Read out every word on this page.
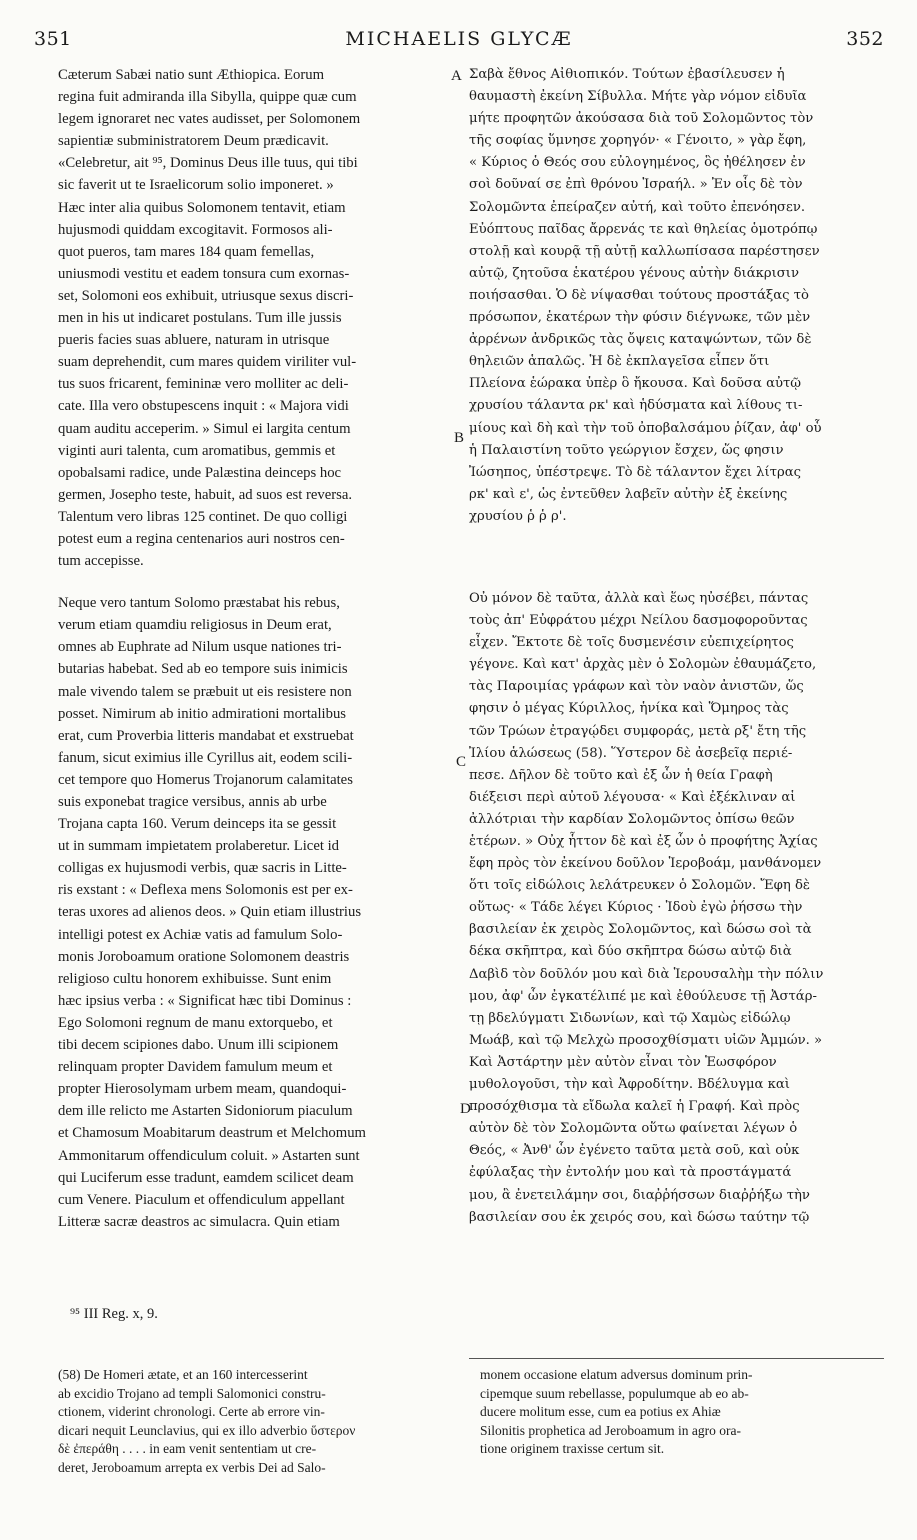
351	MICHAELIS GLYCÆ	352
A
B
C
D
Cæterum Sabæi natio sunt Æthiopica. Eorum
regina fuit admiranda illa Sibylla, quippe quæ cum
legem ignoraret nec vates audisset, per Solomonem
sapientiæ subministratorem Deum prædicavit.
«Celebretur, ait ⁹⁵, Dominus Deus ille tuus, qui tibi
sic faverit ut te Israelicorum solio imponeret. »
Hæc inter alia quibus Solomonem tentavit, etiam
hujusmodi quiddam excogitavit. Formosos ali-
quot pueros, tam mares 184 quam femellas,
uniusmodi vestitu et eadem tonsura cum exornas-
set, Solomoni eos exhibuit, utriusque sexus discri-
men in his ut indicaret postulans. Tum ille jussis
pueris facies suas abluere, naturam in utrisque
suam deprehendit, cum mares quidem viriliter vul-
tus suos fricarent, femininæ vero molliter ac deli-
cate. Illa vero obstupescens inquit : « Majora vidi
quam auditu acceperim. » Simul ei largita centum
viginti auri talenta, cum aromatibus, gemmis et
opobalsami radice, unde Palæstina deinceps hoc
germen, Josepho teste, habuit, ad suos est reversa.
Talentum vero libras 125 continet. De quo colligi
potest eum a regina centenarios auri nostros cen-
tum accepisse.
Neque vero tantum Solomo præstabat his rebus,
verum etiam quamdiu religiosus in Deum erat,
omnes ab Euphrate ad Nilum usque nationes tri-
butarias habebat. Sed ab eo tempore suis inimicis
male vivendo talem se præbuit ut eis resistere non
posset. Nimirum ab initio admirationi mortalibus
erat, cum Proverbia litteris mandabat et exstruebat
fanum, sicut eximius ille Cyrillus ait, eodem scili-
cet tempore quo Homerus Trojanorum calamitates
suis exponebat tragice versibus, annis ab urbe
Trojana capta 160. Verum deinceps ita se gessit
ut in summam impietatem prolaberetur. Licet id
colligas ex hujusmodi verbis, quæ sacris in Litte-
ris exstant : « Deflexa mens Solomonis est per ex-
teras uxores ad alienos deos. » Quin etiam illustrius
intelligi potest ex Achiæ vatis ad famulum Solo-
monis Joroboamum oratione Solomonem deastris
religioso cultu honorem exhibuisse. Sunt enim
hæc ipsius verba : « Significat hæc tibi Dominus :
Ego Solomoni regnum de manu extorquebo, et
tibi decem scipiones dabo. Unum illi scipionem
relinquam propter Davidem famulum meum et
propter Hierosolymam urbem meam, quandoqui-
dem ille relicto me Astarten Sidoniorum piaculum
et Chamosum Moabitarum deastrum et Melchomum
Ammonitarum offendiculum coluit. » Astarten sunt
qui Luciferum esse tradunt, eamdem scilicet deam
cum Venere. Piaculum et offendiculum appellant
Litteræ sacræ deastros ac simulacra. Quin etiam
Σαβὰ ἔθνος Αἰθιοπικόν. Τούτων ἐβασίλευσεν ἡ
θαυμαστὴ ἐκείνη Σίβυλλα. Μήτε γὰρ νόμον εἰδυῖα
μήτε προφητῶν ἀκούσασα διὰ τοῦ Σολομῶντος τὸν
τῆς σοφίας ὕμνησε χορηγόν· « Γένοιτο, » γὰρ ἔφη,
« Κύριος ὁ Θεός σου εὐλογημένος, ὃς ἠθέλησεν ἐν
σοὶ δοῦναί σε ἐπὶ θρόνου Ἰσραήλ. » Ἐν οἷς δὲ τὸν
Σολομῶντα ἐπείραζεν αὐτή, καὶ τοῦτο ἐπενόησεν.
Εὐόπτους παῖδας ἄρρενάς τε καὶ θηλείας ὁμοτρόπῳ
στολῇ καὶ κουρᾷ τῇ αὐτῇ καλλωπίσασα παρέστησεν
αὐτῷ, ζητοῦσα ἑκατέρου γένους αὐτὴν διάκρισιν
ποιήσασθαι. Ὁ δὲ νίψασθαι τούτους προστάξας τὸ
πρόσωπον, ἑκατέρων τὴν φύσιν διέγνωκε, τῶν μὲν
ἀρρένων ἀνδρικῶς τὰς ὄψεις καταψώντων, τῶν δὲ
θηλειῶν ἁπαλῶς. Ἡ δὲ ἐκπλαγεῖσα εἶπεν ὅτι
Πλείονα ἑώρακα ὑπὲρ ὃ ἤκουσα. Καὶ δοῦσα αὐτῷ
χρυσίου τάλαντα ρκ' καὶ ἡδύσματα καὶ λίθους τι-
μίους καὶ δὴ καὶ τὴν τοῦ ὀποβαλσάμου ῥίζαν, ἀφ' οὗ
ἡ Παλαιστίνη τοῦτο γεώργιον ἔσχεν, ὥς φησιν
Ἰώσηπος, ὑπέστρεψε. Τὸ δὲ τάλαντον ἔχει λίτρας
ρκ' καὶ ε', ὡς ἐντεῦθεν λαβεῖν αὐτὴν ἐξ ἐκείνης
χρυσίου ῥ ῥ ρ'.
Οὐ μόνον δὲ ταῦτα, ἀλλὰ καὶ ἕως ηὐσέβει, πάντας
τοὺς ἀπ' Εὐφράτου μέχρι Νείλου δασμοφοροῦντας
εἶχεν. Ἔκτοτε δὲ τοῖς δυσμενέσιν εὐεπιχείρητος
γέγονε. Καὶ κατ' ἀρχὰς μὲν ὁ Σολομὼν ἐθαυμάζετο,
τὰς Παροιμίας γράφων καὶ τὸν ναὸν ἀνιστῶν, ὥς
φησιν ὁ μέγας Κύριλλος, ἡνίκα καὶ Ὅμηρος τὰς
τῶν Τρώων ἐτραγῴδει συμφοράς, μετὰ ρξ' ἔτη τῆς
Ἰλίου ἁλώσεως (58). Ὕστερον δὲ ἀσεβεῖᾳ περιέ-
πεσε. Δῆλον δὲ τοῦτο καὶ ἐξ ὧν ἡ θεία Γραφὴ
διέξεισι περὶ αὐτοῦ λέγουσα· « Καὶ ἐξέκλιναν αἱ
ἀλλότριαι τὴν καρδίαν Σολομῶντος ὀπίσω θεῶν
ἑτέρων. » Οὐχ ἧττον δὲ καὶ ἐξ ὧν ὁ προφήτης Ἀχίας
ἔφη πρὸς τὸν ἐκείνου δοῦλον Ἱεροβοάμ, μανθάνομεν
ὅτι τοῖς εἰδώλοις λελάτρευκεν ὁ Σολομῶν. Ἔφη δὲ
οὕτως· « Τάδε λέγει Κύριος · Ἰδοὺ ἐγὼ ῥήσσω τὴν
βασιλείαν ἐκ χειρὸς Σολομῶντος, καὶ δώσω σοὶ τὰ
δέκα σκῆπτρα, καὶ δύο σκῆπτρα δώσω αὐτῷ διὰ
Δαβὶδ τὸν δοῦλόν μου καὶ διὰ Ἱερουσαλὴμ τὴν πόλιν
μου, ἀφ' ὧν ἐγκατέλιπέ με καὶ ἐθούλευσε τῇ Ἀστάρ-
τῃ βδελύγματι Σιδωνίων, καὶ τῷ Χαμὼς εἰδώλῳ
Μωάβ, καὶ τῷ Μελχὼ προσοχθίσματι υἱῶν Ἀμμών. »
Καὶ Ἀστάρτην μὲν αὐτὸν εἶναι τὸν Ἑωσφόρον
μυθολογοῦσι, τὴν καὶ Ἀφροδίτην. Βδέλυγμα καὶ
προσόχθισμα τὰ εἴδωλα καλεῖ ἡ Γραφή. Καὶ πρὸς
αὐτὸν δὲ τὸν Σολομῶντα οὕτω φαίνεται λέγων ὁ
Θεός, « Ἀνθ' ὧν ἐγένετο ταῦτα μετὰ σοῦ, καὶ οὐκ
ἐφύλαξας τὴν ἐντολήν μου καὶ τὰ προστάγματά
μου, ἃ ἐνετειλάμην σοι, διαῤῥήσσων διαῤῥήξω τὴν
βασιλείαν σου ἐκ χειρός σου, καὶ δώσω ταύτην τῷ
⁹⁵ III Reg. x, 9.
(58) De Homeri ætate, et an 160 intercesserint
ab excidio Trojano ad templi Salomonici constru-
ctionem, viderint chronologi. Certe ab errore vin-
dicari nequit Leunclavius, qui ex illo adverbio ὕστερον
δὲ ἐπεράθη . . . . in eam venit sententiam ut cre-
deret, Jeroboamum arrepta ex verbis Dei ad Salo-
monem occasione elatum adversus dominum prin-
cipemque suum rebellasse, populumque ab eo ab-
ducere molitum esse, cum ea potius ex Ahiæ
Silonitis prophetica ad Jeroboamum in agro ora-
tione originem traxisse certum sit.
